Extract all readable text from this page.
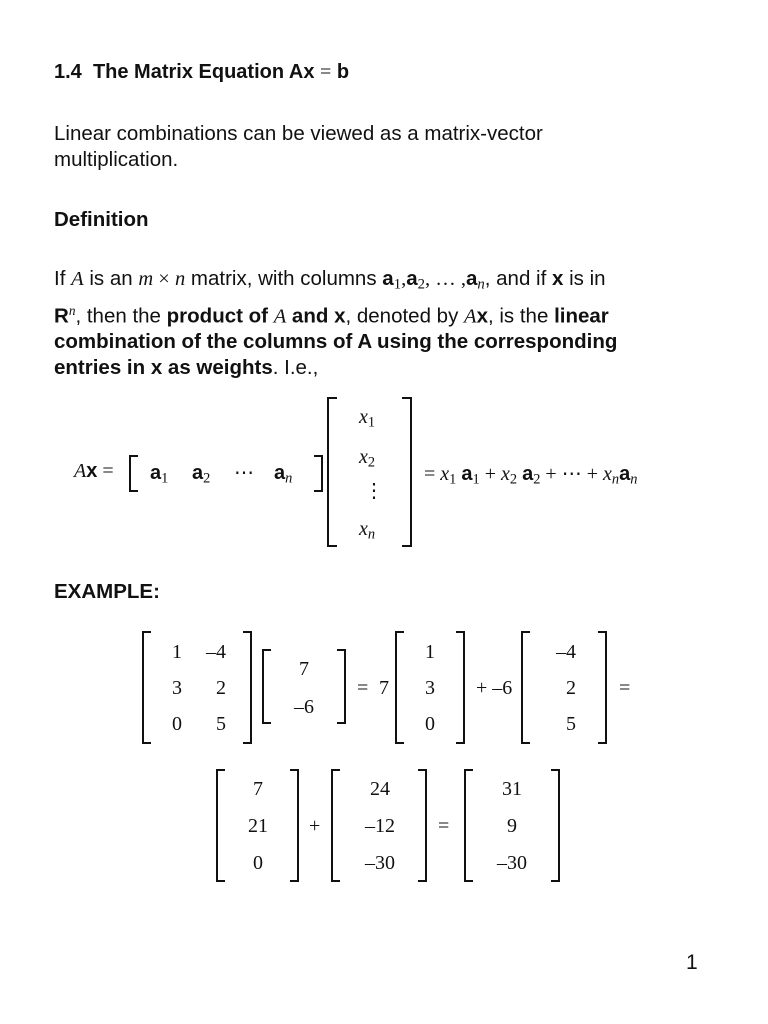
1.4 The Matrix Equation Ax = b
Linear combinations can be viewed as a matrix-vector
multiplication.
Definition
If A is an m × n matrix, with columns $a_1,a_2$, … ,an, and if x is in
$R^n$, then the product of A and x, denoted by Ax, is the linear
combination of the columns of A using the corresponding
entries in x as weights. I.e.,
$Ax = a_1$ $a_2$ ⋯ an
$x_1$
$x_2$
⋮
xn
= $x_1$ $a_1 + x_2$ $a_2$ + ⋯ + xnan
EXAMPLE:
1	–4
3	2
0	5
7
–6
= 7
1
3
0
+ –6
–4
2
5
=
7
21
0
+
24
–12
–30
=
31
9
–30
1
